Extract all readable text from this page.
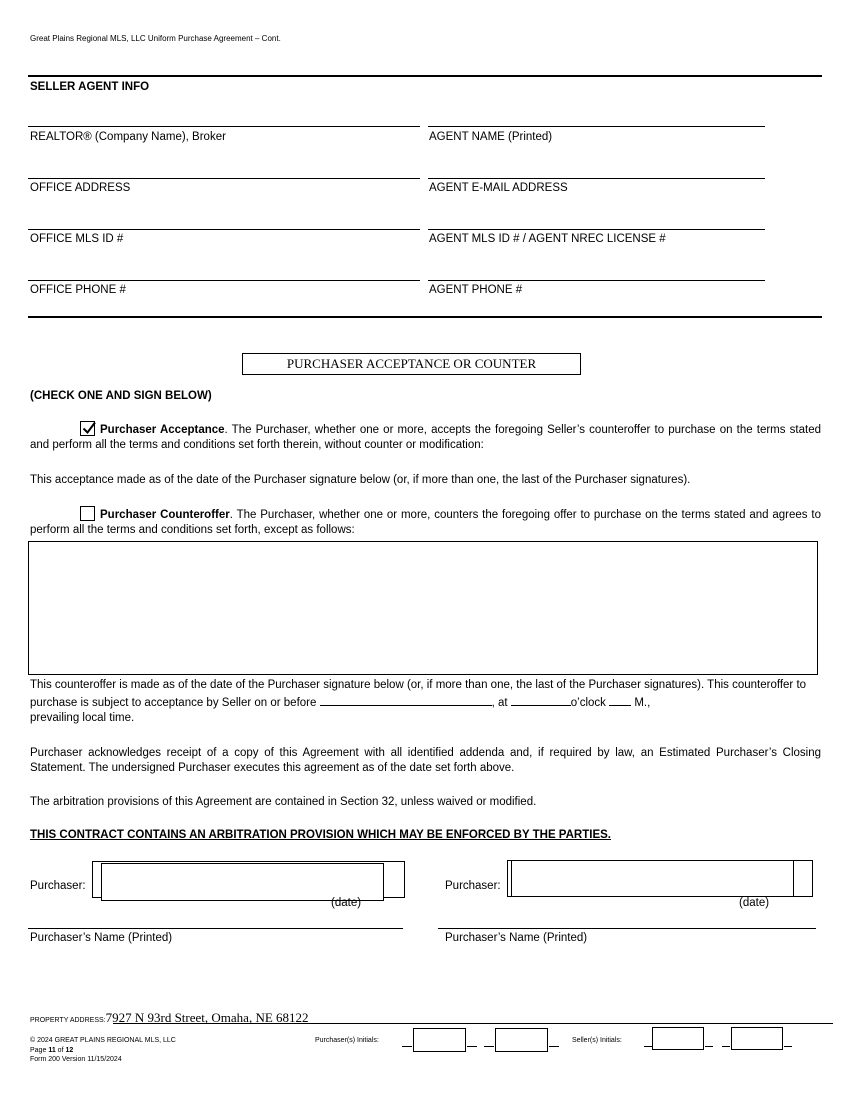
Great Plains Regional MLS, LLC Uniform Purchase Agreement – Cont.
SELLER AGENT INFO
REALTOR® (Company Name), Broker	AGENT NAME (Printed)
OFFICE ADDRESS	AGENT E-MAIL ADDRESS
OFFICE MLS ID #	AGENT MLS ID # / AGENT NREC LICENSE #
OFFICE PHONE #	AGENT PHONE #
PURCHASER ACCEPTANCE OR COUNTER
(CHECK ONE AND SIGN BELOW)
Purchaser Acceptance. The Purchaser, whether one or more, accepts the foregoing Seller’s counteroffer to purchase on the terms stated and perform all the terms and conditions set forth therein, without counter or modification:
This acceptance made as of the date of the Purchaser signature below (or, if more than one, the last of the Purchaser signatures).
Purchaser Counteroffer. The Purchaser, whether one or more, counters the foregoing offer to purchase on the terms stated and agrees to perform all the terms and conditions set forth, except as follows:
This counteroffer is made as of the date of the Purchaser signature below (or, if more than one, the last of the Purchaser signatures). This counteroffer to purchase is subject to acceptance by Seller on or before	, at	o’clock M.,
prevailing local time.
Purchaser acknowledges receipt of a copy of this Agreement with all identified addenda and, if required by law, an Estimated Purchaser’s Closing Statement. The undersigned Purchaser executes this agreement as of the date set forth above.
The arbitration provisions of this Agreement are contained in Section 32, unless waived or modified.
THIS CONTRACT CONTAINS AN ARBITRATION PROVISION WHICH MAY BE ENFORCED BY THE PARTIES.
Purchaser:
(date)
Purchaser’s Name (Printed)
Purchaser:
(date)
Purchaser’s Name (Printed)
PROPERTY ADDRESS:7927 N 93rd Street, Omaha, NE 68122
© 2024 GREAT PLAINS REGIONAL MLS, LLC
Page 11 of 12
Form 200 Version 11/15/2024
Purchaser(s) Initials:	Seller(s) Initials:
